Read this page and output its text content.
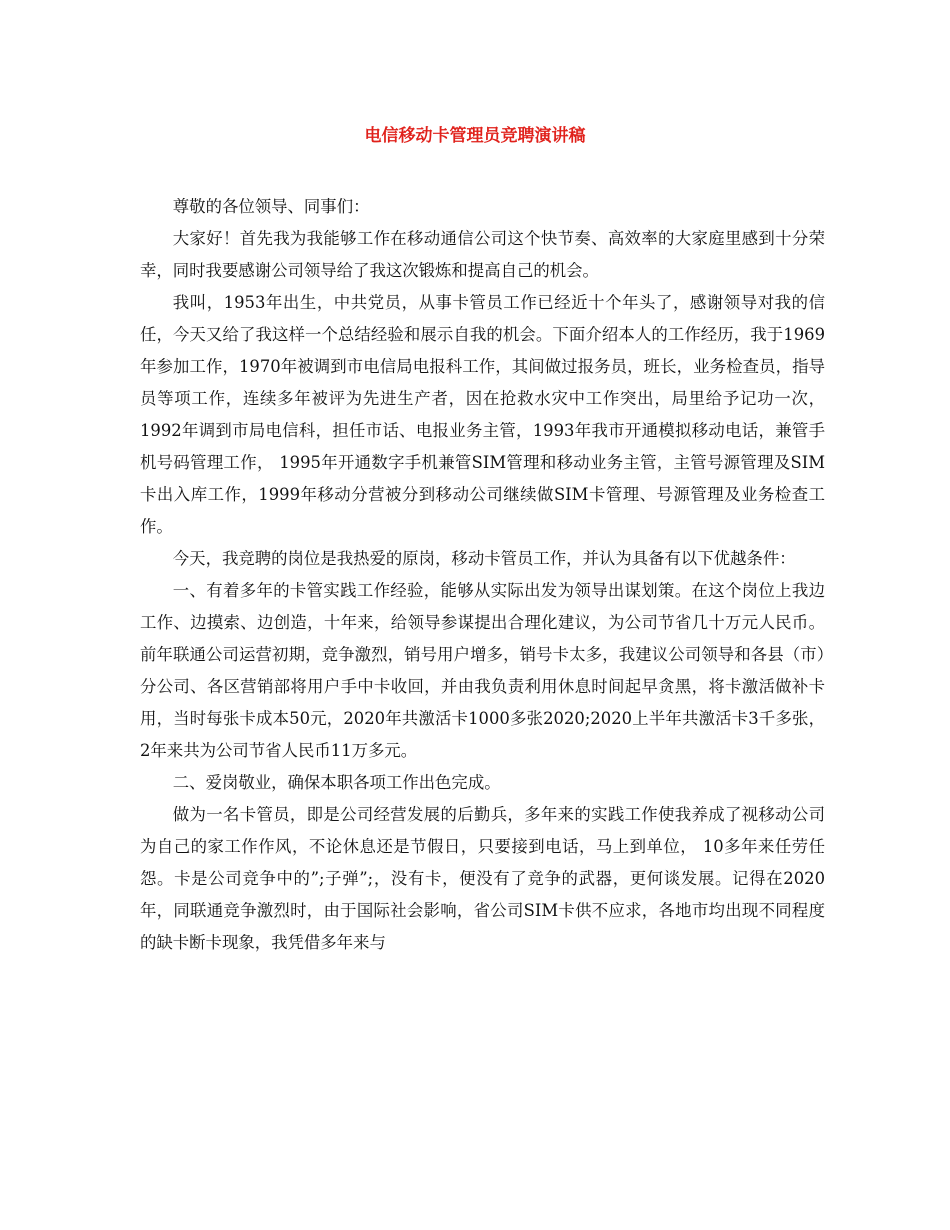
电信移动卡管理员竞聘演讲稿

尊敬的各位领导、同事们：

大家好！首先我为我能够工作在移动通信公司这个快节奏、高效率的大家庭里感到十分荣幸，同时我要感谢公司领导给了我这次锻炼和提高自己的机会。

我叫，1953年出生，中共党员，从事卡管员工作已经近十个年头了，感谢领导对我的信任，今天又给了我这样一个总结经验和展示自我的机会。下面介绍本人的工作经历，我于1969年参加工作，1970年被调到市电信局电报科工作，其间做过报务员，班长，业务检查员，指导员等项工作，连续多年被评为先进生产者，因在抢救水灾中工作突出，局里给予记功一次，1992年调到市局电信科，担任市话、电报业务主管，1993年我市开通模拟移动电话，兼管手机号码管理工作， 1995年开通数字手机兼管SIM管理和移动业务主管，主管号源管理及SIM卡出入库工作，1999年移动分营被分到移动公司继续做SIM卡管理、号源管理及业务检查工作。

今天，我竞聘的岗位是我热爱的原岗，移动卡管员工作，并认为具备有以下优越条件：

一、有着多年的卡管实践工作经验，能够从实际出发为领导出谋划策。在这个岗位上我边工作、边摸索、边创造，十年来，给领导参谋提出合理化建议，为公司节省几十万元人民币。前年联通公司运营初期，竞争激烈，销号用户增多，销号卡太多，我建议公司领导和各县（市）分公司、各区营销部将用户手中卡收回，并由我负责利用休息时间起早贪黑，将卡激活做补卡用，当时每张卡成本50元，2020年共激活卡1000多张2020;2020上半年共激活卡3千多张，2年来共为公司节省人民币11万多元。

二、爱岗敬业，确保本职各项工作出色完成。

做为一名卡管员，即是公司经营发展的后勤兵，多年来的实践工作使我养成了视移动公司为自己的家工作作风，不论休息还是节假日，只要接到电话，马上到单位， 10多年来任劳任怨。卡是公司竞争中的”;子弹”;，没有卡，便没有了竞争的武器，更何谈发展。记得在2020年，同联通竞争激烈时，由于国际社会影响，省公司SIM卡供不应求，各地市均出现不同程度的缺卡断卡现象，我凭借多年来与
